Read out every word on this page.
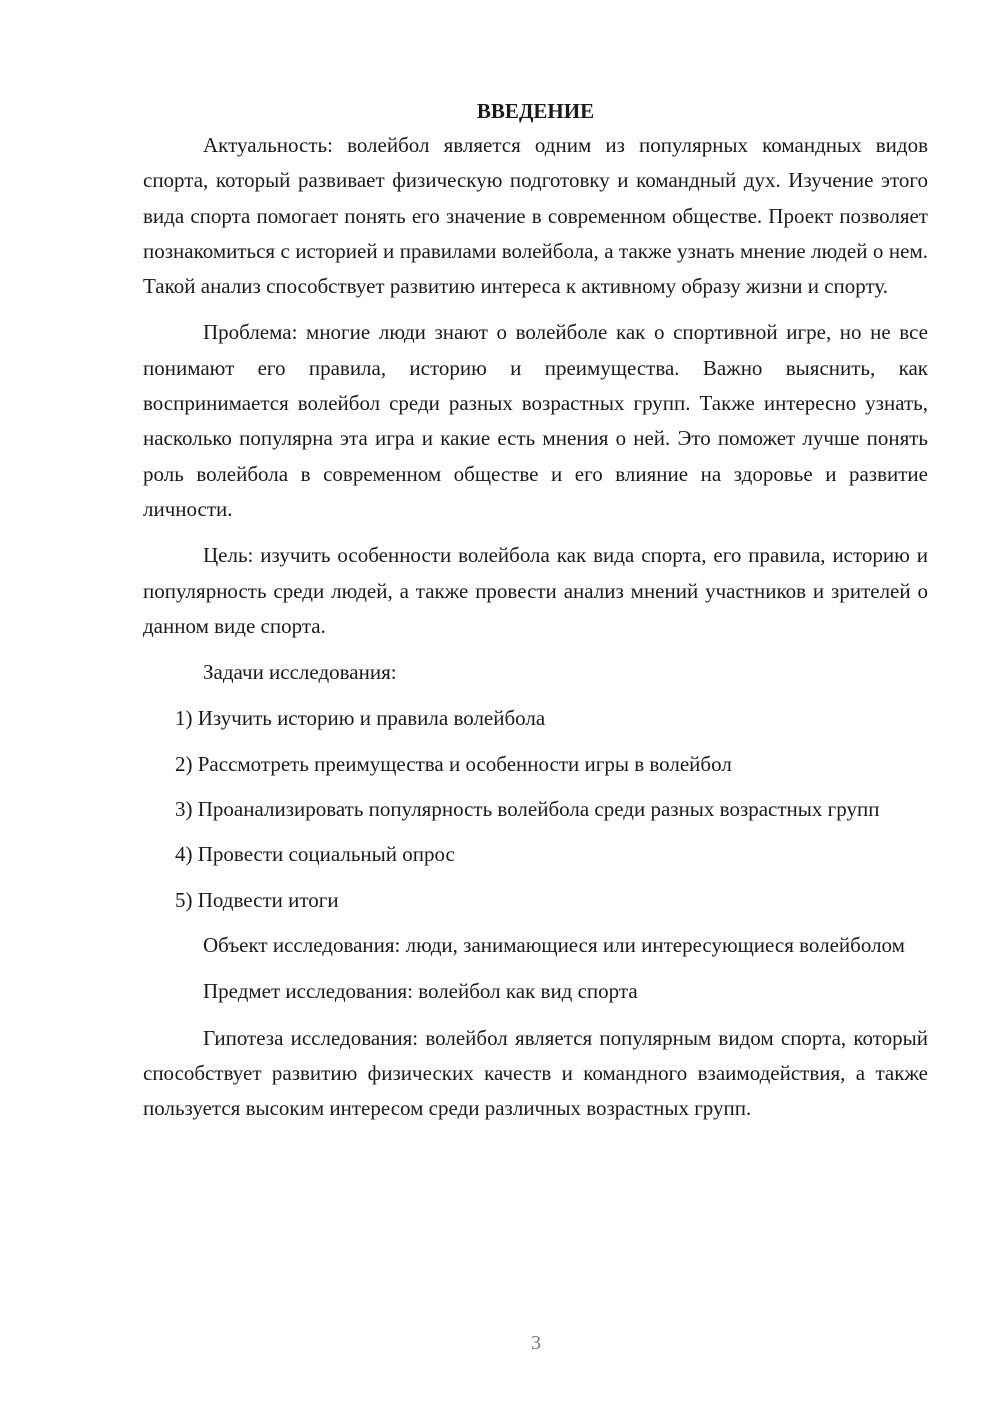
ВВЕДЕНИЕ
Актуальность: волейбол является одним из популярных командных видов спорта, который развивает физическую подготовку и командный дух. Изучение этого вида спорта помогает понять его значение в современном обществе. Проект позволяет познакомиться с историей и правилами волейбола, а также узнать мнение людей о нем. Такой анализ способствует развитию интереса к активному образу жизни и спорту.
Проблема: многие люди знают о волейболе как о спортивной игре, но не все понимают его правила, историю и преимущества. Важно выяснить, как воспринимается волейбол среди разных возрастных групп. Также интересно узнать, насколько популярна эта игра и какие есть мнения о ней. Это поможет лучше понять роль волейбола в современном обществе и его влияние на здоровье и развитие личности.
Цель: изучить особенности волейбола как вида спорта, его правила, историю и популярность среди людей, а также провести анализ мнений участников и зрителей о данном виде спорта.
Задачи исследования:
1) Изучить историю и правила волейбола
2) Рассмотреть преимущества и особенности игры в волейбол
3) Проанализировать популярность волейбола среди разных возрастных групп
4) Провести социальный опрос
5) Подвести итоги
Объект исследования: люди, занимающиеся или интересующиеся волейболом
Предмет исследования: волейбол как вид спорта
Гипотеза исследования: волейбол является популярным видом спорта, который способствует развитию физических качеств и командного взаимодействия, а также пользуется высоким интересом среди различных возрастных групп.
3
